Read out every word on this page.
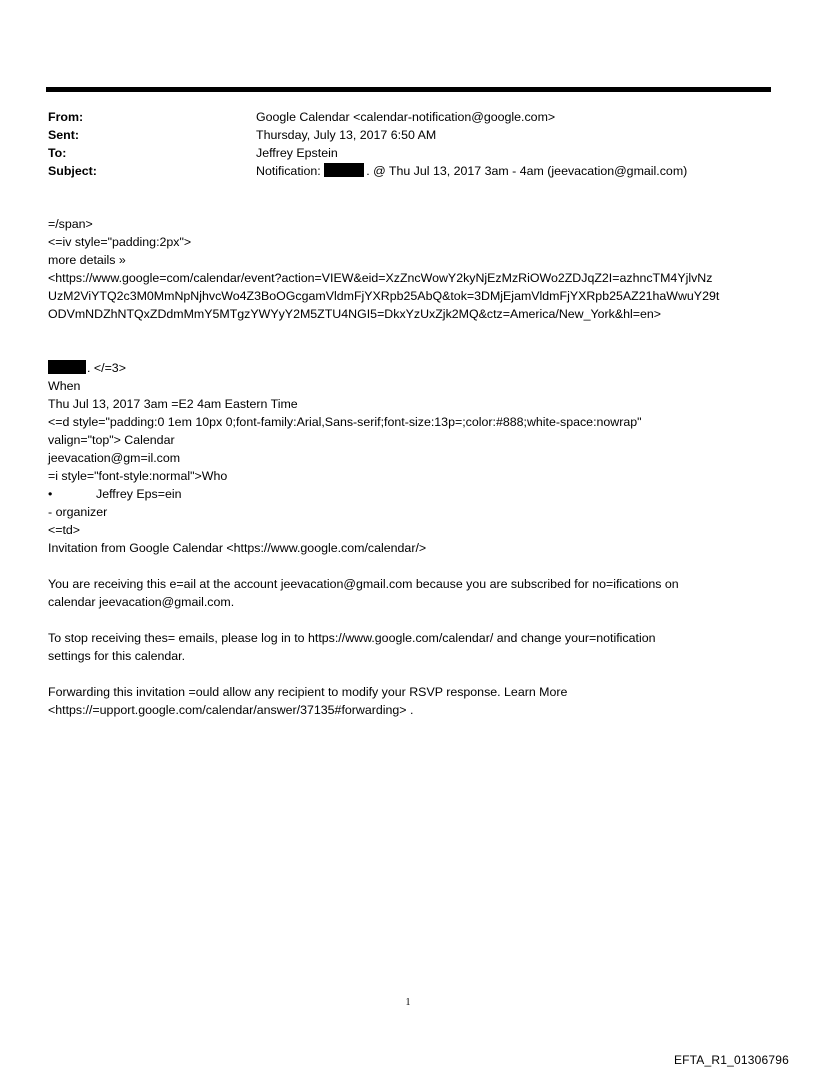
From:	Google Calendar <calendar-notification@google.com>
Sent:	Thursday, July 13, 2017 6:50 AM
To:	Jeffrey Epstein
Subject:	Notification:	. @ Thu Jul 13, 2017 3am - 4am (jeevacation@gmail.com)
=/span>
<=iv style="padding:2px">
more details »
<https://www.google=com/calendar/event?action=VIEW&eid=XzZncWowY2kyNjEzMzRiOWo2ZDJqZ2I=azhncTM4YjlvNz
UzM2ViYTQ2c3M0MmNpNjhvcWo4Z3BoOGcgamVldmFjYXRpb25AbQ&tok=3DMjEjamVldmFjYXRpb25AZ21haWwuY29t
ODVmNDZhNTQxZDdmMmY5MTgzYWYyY2M5ZTU4NGI5=DkxYzUxZjk2MQ&ctz=America/New_York&hl=en>
. </=3>
When
Thu Jul 13, 2017 3am =E2 4am Eastern Time
<=d style="padding:0 1em 10px 0;font-family:Arial,Sans-serif;font-size:13p=;color:#888;white-space:nowrap"
valign="top"> Calendar
jeevacation@gm=il.com
=i style="font-style:normal">Who
•	Jeffrey Eps=ein
- organizer
<=td>
Invitation from Google Calendar <https://www.google.com/calendar/>
You are receiving this e=ail at the account jeevacation@gmail.com because you are subscribed for no=ifications on
calendar jeevacation@gmail.com.
To stop receiving thes= emails, please log in to https://www.google.com/calendar/ and change your=notification
settings for this calendar.
Forwarding this invitation =ould allow any recipient to modify your RSVP response. Learn More
<https://=upport.google.com/calendar/answer/37135#forwarding> .
1
EFTA_R1_01306796
